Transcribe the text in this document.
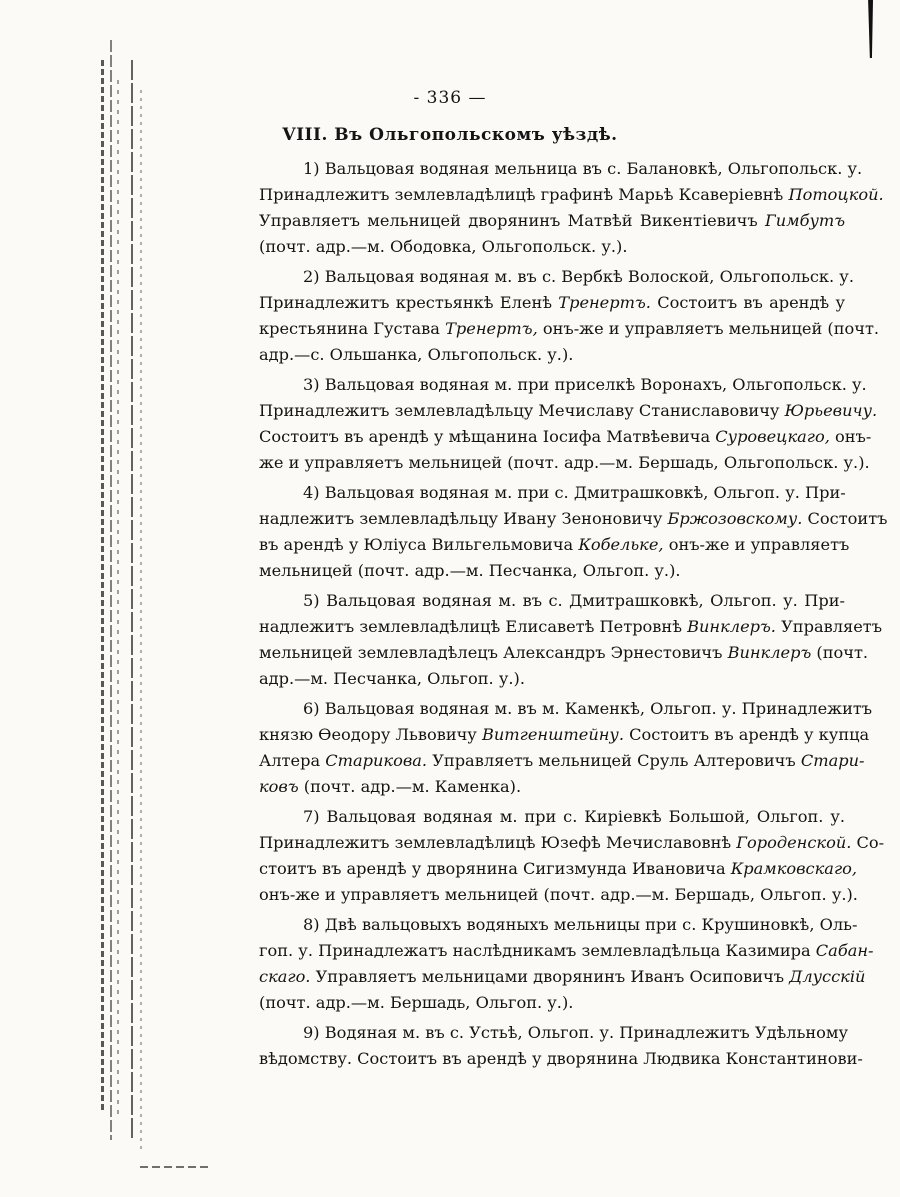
- 336 —
VIII. Въ Ольгопольскомъ уѣздѣ.
1) Вальцовая водяная мельница въ с. Балановкѣ, Ольгопольск. у.
Принадлежитъ землевладѣлицѣ графинѣ Марьѣ Ксаверіевнѣ Потоцкой.
Управляетъ мельницей дворянинъ Матвѣй Викентіевичъ Гимбутъ
(почт. адр.—м. Ободовка, Ольгопольск. у.).
2) Вальцовая водяная м. въ с. Вербкѣ Волоской, Ольгопольск. у.
Принадлежитъ крестьянкѣ Еленѣ Тренертъ. Состоитъ въ арендѣ у
крестьянина Густава Тренертъ, онъ-же и управляетъ мельницей (почт.
адр.—с. Ольшанка, Ольгопольск. у.).
3) Вальцовая водяная м. при приселкѣ Воронахъ, Ольгопольск. у.
Принадлежитъ землевладѣльцу Мечиславу Станиславовичу Юрьевичу.
Состоитъ въ арендѣ у мѣщанина Іосифа Матвѣевича Суровецкаго, онъ-
же и управляетъ мельницей (почт. адр.—м. Бершадь, Ольгопольск. у.).
4) Вальцовая водяная м. при с. Дмитрашковкѣ, Ольгоп. у. При-
надлежитъ землевладѣльцу Ивану Зеноновичу Бржозовскому. Состоитъ
въ арендѣ у Юліуса Вильгельмовича Кобельке, онъ-же и управляетъ
мельницей (почт. адр.—м. Песчанка, Ольгоп. у.).
5) Вальцовая водяная м. въ с. Дмитрашковкѣ, Ольгоп. у. При-
надлежитъ землевладѣлицѣ Елисаветѣ Петровнѣ Винклеръ. Управляетъ
мельницей землевладѣлецъ Александръ Эрнестовичъ Винклеръ (почт.
адр.—м. Песчанка, Ольгоп. у.).
6) Вальцовая водяная м. въ м. Каменкѣ, Ольгоп. у. Принадлежитъ
князю Ѳеодору Львовичу Витгенштейну. Состоитъ въ арендѣ у купца
Алтера Старикова. Управляетъ мельницей Сруль Алтеровичъ Стари-
ковъ (почт. адр.—м. Каменка).
7) Вальцовая водяная м. при с. Киріевкѣ Большой, Ольгоп. у.
Принадлежитъ землевладѣлицѣ Юзефѣ Мечиславовнѣ Городенской. Со-
стоитъ въ арендѣ у дворянина Сигизмунда Ивановича Крамковскаго,
онъ-же и управляетъ мельницей (почт. адр.—м. Бершадь, Ольгоп. у.).
8) Двѣ вальцовыхъ водяныхъ мельницы при с. Крушиновкѣ, Оль-
гоп. у. Принадлежатъ наслѣдникамъ землевладѣльца Казимира Сабан-
скаго. Управляетъ мельницами дворянинъ Иванъ Осиповичъ Длусскій
(почт. адр.—м. Бершадь, Ольгоп. у.).
9) Водяная м. въ с. Устьѣ, Ольгоп. у. Принадлежитъ Удѣльному
вѣдомству. Состоитъ въ арендѣ у дворянина Людвика Константинови-
